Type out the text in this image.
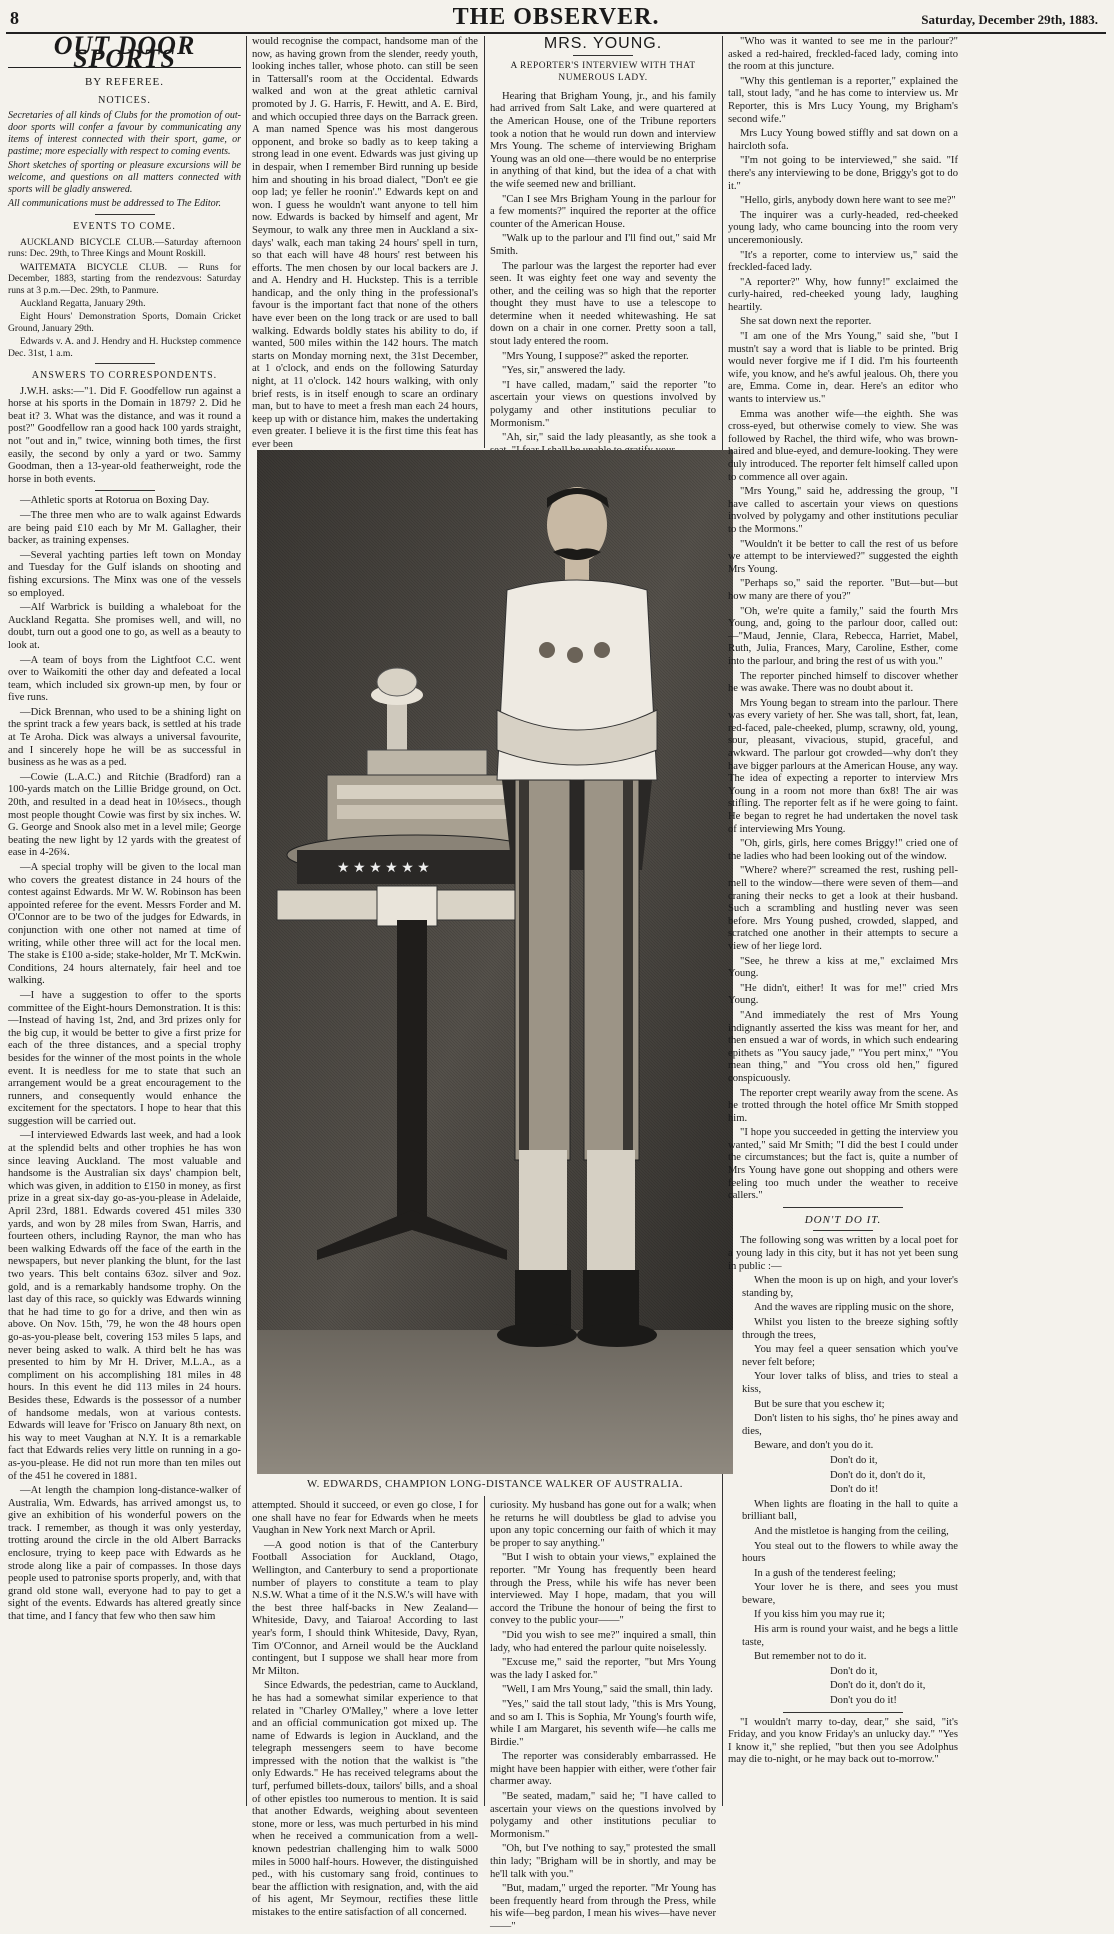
8	THE OBSERVER.	Saturday, December 29th, 1883.
OUT DOOR SPORTS
BY REFEREE.
NOTICES.

Secretaries of all kinds of Clubs for the promotion of out-door sports will confer a favour by communicating any items of interest connected with their sport, game, or pastime; more especially with respect to coming events.

Short sketches of sporting or pleasure excursions will be welcome, and questions on all matters connected with sports will be gladly answered.

All communications must be addressed to The Editor.

EVENTS TO COME.

AUCKLAND BICYCLE CLUB.—Saturday afternoon runs: Dec. 29th, to Three Kings and Mount Roskill.

WAITEMATA BICYCLE CLUB. — Runs for December, 1883, starting from the rendezvous: Saturday runs at 3 p.m.—Dec. 29th, to Panmure.

Auckland Regatta, January 29th.

Eight Hours' Demonstration Sports, Domain Cricket Ground, January 29th.

Edwards v. A. and J. Hendry and H. Huckstep commence Dec. 31st, 1 a.m.

ANSWERS TO CORRESPONDENTS.

J.W.H. asks:—"1. Did F. Goodfellow run against a horse at his sports in the Domain in 1879? 2. Did he beat it? 3. What was the distance, and was it round a post?" Goodfellow ran a good hack 100 yards straight, not "out and in," twice, winning both times, the first easily, the second by only a yard or two. Sammy Goodman, then a 13-year-old featherweight, rode the horse in both events.

—Athletic sports at Rotorua on Boxing Day.

—The three men who are to walk against Edwards are being paid £10 each by Mr M. Gallagher, their backer, as training expenses.

—Several yachting parties left town on Monday and Tuesday for the Gulf islands on shooting and fishing excursions. The Minx was one of the vessels so employed.

—Alf Warbrick is building a whaleboat for the Auckland Regatta. She promises well, and will, no doubt, turn out a good one to go, as well as a beauty to look at.

—A team of boys from the Lightfoot C.C. went over to Waikomiti the other day and defeated a local team, which included six grown-up men, by four or five runs.

—Dick Brennan, who used to be a shining light on the sprint track a few years back, is settled at his trade at Te Aroha. Dick was always a universal favourite, and I sincerely hope he will be as successful in business as he was as a ped.

—Cowie (L.A.C.) and Ritchie (Bradford) ran a 100-yards match on the Lillie Bridge ground, on Oct. 20th, and resulted in a dead heat in 10⅓secs., though most people thought Cowie was first by six inches. W. G. George and Snook also met in a level mile; George beating the new light by 12 yards with the greatest of ease in 4-26¾.

—A special trophy will be given to the local man who covers the greatest distance in 24 hours of the contest against Edwards. Mr W. W. Robinson has been appointed referee for the event. Messrs Forder and M. O'Connor are to be two of the judges for Edwards, in conjunction with one other not named at time of writing, while other three will act for the local men. The stake is £100 a-side; stake-holder, Mr T. McKwin. Conditions, 24 hours alternately, fair heel and toe walking.

—I have a suggestion to offer to the sports committee of the Eight-hours Demonstration. It is this:—Instead of having 1st, 2nd, and 3rd prizes only for the big cup, it would be better to give a first prize for each of the three distances, and a special trophy besides for the winner of the most points in the whole event. It is needless for me to state that such an arrangement would be a great encouragement to the runners, and consequently would enhance the excitement for the spectators. I hope to hear that this suggestion will be carried out.

—I interviewed Edwards last week, and had a look at the splendid belts and other trophies he has won since leaving Auckland. The most valuable and handsome is the Australian six days' champion belt, which was given, in addition to £150 in money, as first prize in a great six-day go-as-you-please in Adelaide, April 23rd, 1881. Edwards covered 451 miles 330 yards, and won by 28 miles from Swan, Harris, and fourteen others, including Raynor, the man who has been walking Edwards off the face of the earth in the newspapers, but never planking the blunt, for the last two years. This belt contains 63oz. silver and 9oz. gold, and is a remarkably handsome trophy. On the last day of this race, so quickly was Edwards winning that he had time to go for a drive, and then win as above. On Nov. 15th, '79, he won the 48 hours open go-as-you-please belt, covering 153 miles 5 laps, and never being asked to walk. A third belt he has was presented to him by Mr H. Driver, M.L.A., as a compliment on his accomplishing 181 miles in 48 hours. In this event he did 113 miles in 24 hours. Besides these, Edwards is the possessor of a number of handsome medals, won at various contests. Edwards will leave for 'Frisco on January 8th next, on his way to meet Vaughan at N.Y. It is a remarkable fact that Edwards relies very little on running in a go-as-you-please. He did not run more than ten miles out of the 451 he covered in 1881.

—At length the champion long-distance-walker of Australia, Wm. Edwards, has arrived amongst us, to give an exhibition of his wonderful powers on the track. I remember, as though it was only yesterday, trotting around the circle in the old Albert Barracks enclosure, trying to keep pace with Edwards as he strode along like a pair of compasses. In those days people used to patronise sports properly, and, with that grand old stone wall, everyone had to pay to get a sight of the events. Edwards has altered greatly since that time, and I fancy that few who then saw him

would recognise the compact, handsome man of the now, as having grown from the slender, reedy youth, looking inches taller, whose photo. can still be seen in Tattersall's room at the Occidental. Edwards walked and won at the great athletic carnival promoted by J. G. Harris, F. Hewitt, and A. E. Bird, and which occupied three days on the Barrack green. A man named Spence was his most dangerous opponent, and broke so badly as to keep taking a strong lead in one event. Edwards was just giving up in despair, when I remember Bird running up beside him and shouting in his broad dialect, "Don't ee gie oop lad; ye feller he roonin'." Edwards kept on and won. I guess he wouldn't want anyone to tell him now. Edwards is backed by himself and agent, Mr Seymour, to walk any three men in Auckland a six-days' walk, each man taking 24 hours' spell in turn, so that each will have 48 hours' rest between his efforts. The men chosen by our local backers are J. and A. Hendry and H. Huckstep. This is a terrible handicap, and the only thing in the professional's favour is the important fact that none of the others have ever been on the long track or are used to ball walking. Edwards boldly states his ability to do, if wanted, 500 miles within the 142 hours. The match starts on Monday morning next, the 31st December, at 1 o'clock, and ends on the following Saturday night, at 11 o'clock. 142 hours walking, with only brief rests, is in itself enough to scare an ordinary man, but to have to meet a fresh man each 24 hours, keep up with or distance him, makes the undertaking even greater. I believe it is the first time this feat has ever been

MRS. YOUNG.
A REPORTER'S INTERVIEW WITH THAT NUMEROUS LADY.

Hearing that Brigham Young, jr., and his family had arrived from Salt Lake, and were quartered at the American House, one of the Tribune reporters took a notion that he would run down and interview Mrs Young. The scheme of interviewing Brigham Young was an old one—there would be no enterprise in anything of that kind, but the idea of a chat with the wife seemed new and brilliant.

"Can I see Mrs Brigham Young in the parlour for a few moments?" inquired the reporter at the office counter of the American House.

"Walk up to the parlour and I'll find out," said Mr Smith.

The parlour was the largest the reporter had ever seen. It was eighty feet one way and seventy the other, and the ceiling was so high that the reporter thought they must have to use a telescope to determine when it needed whitewashing. He sat down on a chair in one corner. Pretty soon a tall, stout lady entered the room.

"Mrs Young, I suppose?" asked the reporter.

"Yes, sir," answered the lady.

"I have called, madam," said the reporter "to ascertain your views on questions involved by polygamy and other institutions peculiar to Mormonism."

"Ah, sir," said the lady pleasantly, as she took a

★ ★ ★ ★ ★ ★
W. EDWARDS, CHAMPION LONG-DISTANCE WALKER OF AUSTRALIA.

attempted. Should it succeed, or even go close, I for one shall have no fear for Edwards when he meets Vaughan in New York next March or April.

—A good notion is that of the Canterbury Football Association for Auckland, Otago, Wellington, and Canterbury to send a proportionate number of players to constitute a team to play N.S.W. What a time of it the N.S.W.'s will have with the best three half-backs in New Zealand—Whiteside, Davy, and Taiaroa! According to last year's form, I should think Whiteside, Davy, Ryan, Tim O'Connor, and Arneil would be the Auckland contingent, but I suppose we shall hear more from Mr Milton.

Since Edwards, the pedestrian, came to Auckland, he has had a somewhat similar experience to that related in "Charley O'Malley," where a love letter and an official communication got mixed up. The name of Edwards is legion in Auckland, and the telegraph messengers seem to have become impressed with the notion that the walkist is "the only Edwards." He has received telegrams about the turf, perfumed billets-doux, tailors' bills, and a shoal of other epistles too numerous to mention. It is said that another Edwards, weighing about seventeen stone, more or less, was much perturbed in his mind when he received a communication from a well-known pedestrian challenging him to walk 5000 miles in 5000 half-hours. However, the distinguished ped., with his customary sang froid, continues to bear the affliction with resignation, and, with the aid of his agent, Mr Seymour, rectifies these little mistakes to the entire satisfaction of all concerned.

curiosity. My husband has gone out for a walk; when he returns he will doubtless be glad to advise you upon any topic concerning our faith of which it may be proper to say anything."

"But I wish to obtain your views," explained the reporter. "Mr Young has frequently been heard through the Press, while his wife has never been interviewed. May I hope, madam, that you will accord the Tribune the honour of being the first to convey to the public your——"

"Did you wish to see me?" inquired a small, thin lady, who had entered the parlour quite noiselessly.

"Excuse me," said the reporter, "but Mrs Young was the lady I asked for."

"Well, I am Mrs Young," said the small, thin lady.

"Yes," said the tall stout lady, "this is Mrs Young, and so am I. This is Sophia, Mr Young's fourth wife, while I am Margaret, his seventh wife—he calls me Birdie."

The reporter was considerably embarrassed. He might have been happier with either, were t'other fair charmer away.

"Be seated, madam," said he; "I have called to ascertain your views on the questions involved by polygamy and other institutions peculiar to Mormonism."

"Oh, but I've nothing to say," protested the small thin lady; "Brigham will be in shortly, and may be he'll talk with you."

"But, madam," urged the reporter. "Mr Young has been frequently heard from through the Press, while his wife—beg pardon, I mean his wives—have never——"

"Who was it wanted to see me in the parlour?" asked a red-haired, freckled-faced lady, coming into the room at this juncture.

"Why this gentleman is a reporter," explained the tall, stout lady, "and he has come to interview us. Mr Reporter, this is Mrs Lucy Young, my Brigham's second wife."

Mrs Lucy Young bowed stiffly and sat down on a haircloth sofa.

"I'm not going to be interviewed," she said. "If there's any interviewing to be done, Briggy's got to do it."

"Hello, girls, anybody down here want to see me?"

The inquirer was a curly-headed, red-cheeked young lady, who came bouncing into the room very unceremoniously.

"It's a reporter, come to interview us," said the freckled-faced lady.

"A reporter?" Why, how funny!" exclaimed the curly-haired, red-cheeked young lady, laughing heartily.

She sat down next the reporter.

"I am one of the Mrs Young," said she, "but I mustn't say a word that is liable to be printed. Brig would never forgive me if I did. I'm his fourteenth wife, you know, and he's awful jealous. Oh, there you are, Emma. Come in, dear. Here's an editor who wants to interview us."

Emma was another wife—the eighth. She was cross-eyed, but otherwise comely to view. She was followed by Rachel, the third wife, who was brown-haired and blue-eyed, and demure-looking. They were duly introduced. The reporter felt himself called upon to commence all over again.

"Mrs Young," said he, addressing the group, "I have called to ascertain your views on questions involved by polygamy and other institutions peculiar to the Mormons."

"Wouldn't it be better to call the rest of us before we attempt to be interviewed?" suggested the eighth Mrs Young.

"Perhaps so," said the reporter. "But—but—but how many are there of you?"

"Oh, we're quite a family," said the fourth Mrs Young, and, going to the parlour door, called out:—"Maud, Jennie, Clara, Rebecca, Harriet, Mabel, Ruth, Julia, Frances, Mary, Caroline, Esther, come into the parlour, and bring the rest of us with you."

The reporter pinched himself to discover whether he was awake. There was no doubt about it.

Mrs Young began to stream into the parlour. There was every variety of her. She was tall, short, fat, lean, red-faced, pale-cheeked, plump, scrawny, old, young, sour, pleasant, vivacious, stupid, graceful, and awkward. The parlour got crowded—why don't they have bigger parlours at the American House, any way. The idea of expecting a reporter to interview Mrs Young in a room not more than 6x8! The air was stifling. The reporter felt as if he were going to faint. He began to regret he had undertaken the novel task of interviewing Mrs Young.

"Oh, girls, girls, here comes Briggy!" cried one of the ladies who had been looking out of the window.

"Where? where?" screamed the rest, rushing pell-mell to the window—there were seven of them—and craning their necks to get a look at their husband. Such a scrambling and hustling never was seen before. Mrs Young pushed, crowded, slapped, and scratched one another in their attempts to secure a view of her liege lord.

"See, he threw a kiss at me," exclaimed Mrs Young.

"He didn't, either! It was for me!" cried Mrs Young.

"And immediately the rest of Mrs Young indignantly asserted the kiss was meant for her, and then ensued a war of words, in which such endearing epithets as "You saucy jade," "You pert minx," "You mean thing," and "You cross old hen," figured conspicuously.

The reporter crept wearily away from the scene. As he trotted through the hotel office Mr Smith stopped him.

"I hope you succeeded in getting the interview you wanted," said Mr Smith; "I did the best I could under the circumstances; but the fact is, quite a number of Mrs Young have gone out shopping and others were feeling too much under the weather to receive callers."

DON'T DO IT.

The following song was written by a local poet for a young lady in this city, but it has not yet been sung in public :—

When the moon is up on high, and your lover's standing by,

And the waves are rippling music on the shore,

Whilst you listen to the breeze sighing softly through the trees,

You may feel a queer sensation which you've never felt before;

Your lover talks of bliss, and tries to steal a kiss,

But be sure that you eschew it;

Don't listen to his sighs, tho' he pines away and dies,

Beware, and don't you do it.

Don't do it,

Don't do it, don't do it,

Don't do it!

When lights are floating in the hall to quite a brilliant ball,

And the mistletoe is hanging from the ceiling,

You steal out to the flowers to while away the hours

In a gush of the tenderest feeling;

Your lover he is there, and sees you must beware,

If you kiss him you may rue it;

His arm is round your waist, and he begs a little taste,

But remember not to do it.

Don't do it,

Don't do it, don't do it,

Don't you do it!

"I wouldn't marry to-day, dear," she said, "it's Friday, and you know Friday's an unlucky day." "Yes I know it," she replied, "but then you see Adolphus may die to-night, or he may back out to-morrow."
